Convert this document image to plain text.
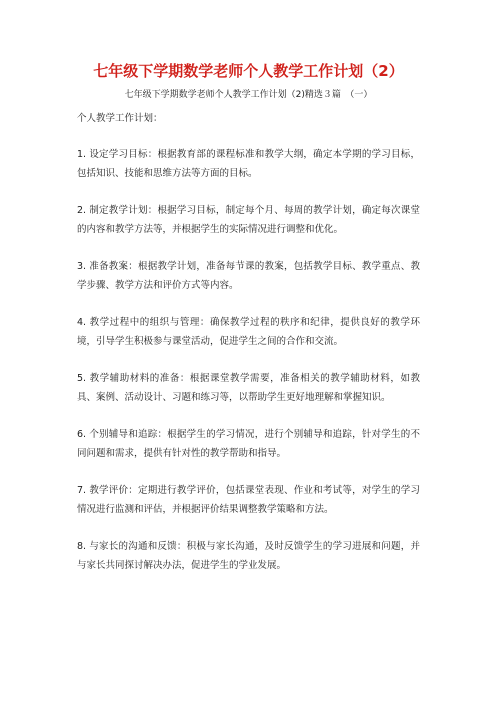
七年级下学期数学老师个人教学工作计划（2）
七年级下学期数学老师个人教学工作计划（2)精选３篇　（一）
个人教学工作计划：

1. 设定学习目标：根据教育部的课程标准和教学大纲，确定本学期的学习目标，包括知识、技能和思维方法等方面的目标。

2. 制定教学计划：根据学习目标，制定每个月、每周的教学计划，确定每次课堂的内容和教学方法等，并根据学生的实际情况进行调整和优化。

3. 准备教案：根据教学计划，准备每节课的教案，包括教学目标、教学重点、教学步骤、教学方法和评价方式等内容。

4. 教学过程中的组织与管理：确保教学过程的秩序和纪律，提供良好的教学环境，引导学生积极参与课堂活动，促进学生之间的合作和交流。

5. 教学辅助材料的准备：根据课堂教学需要，准备相关的教学辅助材料，如教具、案例、活动设计、习题和练习等，以帮助学生更好地理解和掌握知识。

6. 个别辅导和追踪：根据学生的学习情况，进行个别辅导和追踪，针对学生的不同问题和需求，提供有针对性的教学帮助和指导。

7. 教学评价：定期进行教学评价，包括课堂表现、作业和考试等，对学生的学习情况进行监测和评估，并根据评价结果调整教学策略和方法。

8. 与家长的沟通和反馈：积极与家长沟通，及时反馈学生的学习进展和问题，并与家长共同探讨解决办法，促进学生的学业发展。
